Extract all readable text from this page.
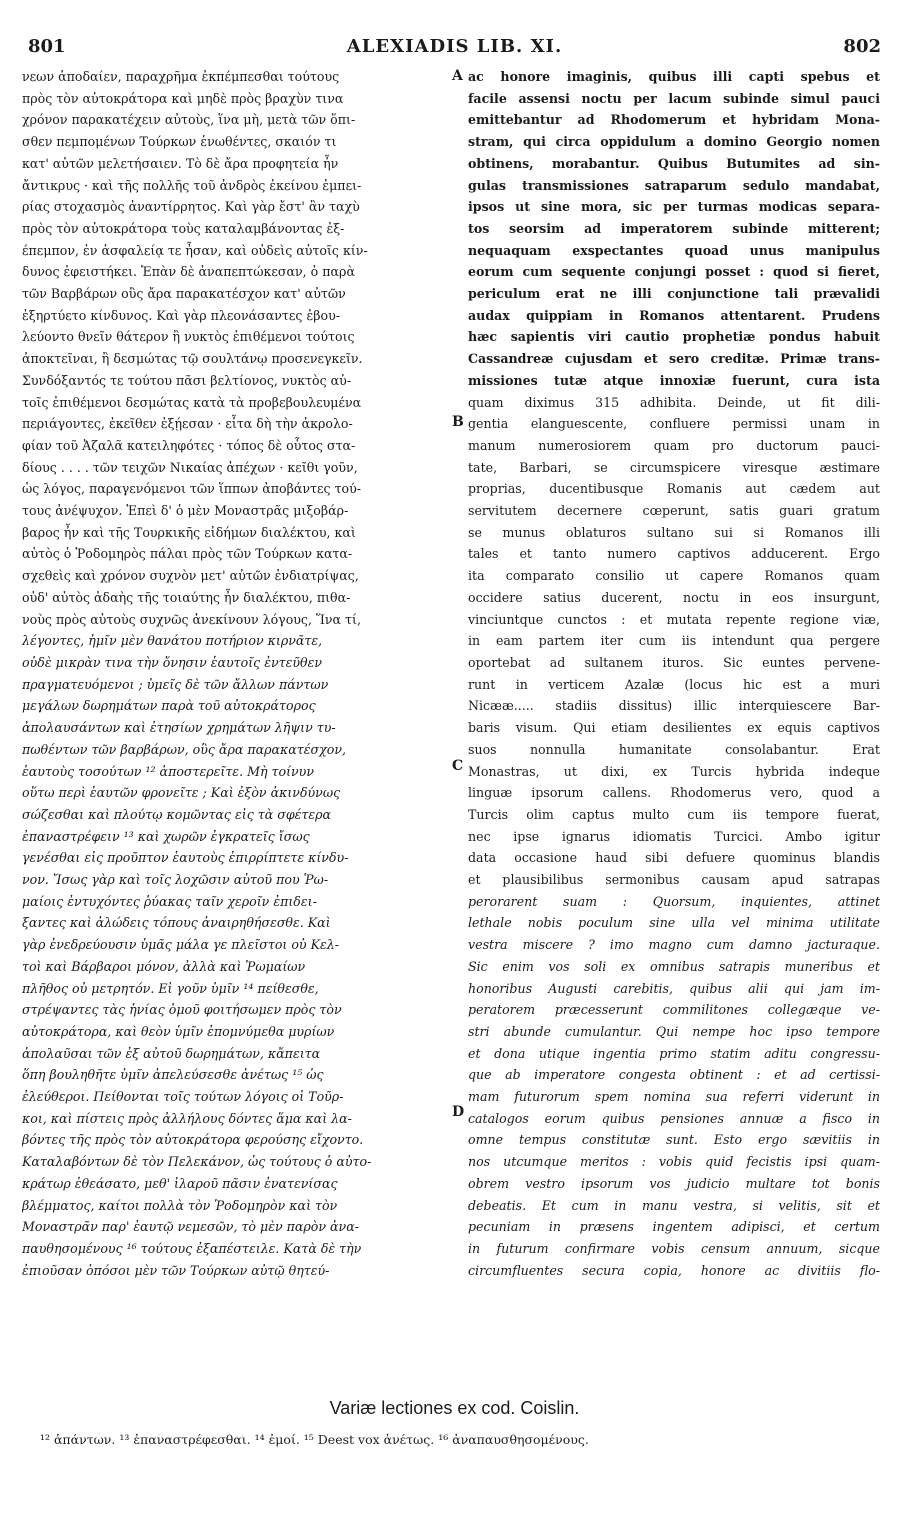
801	ALEXIADIS LIB. XI.	802
νεων ἀποδαίεν, παραχρῆμα ἐκπέμπεσθαι τούτους
πρὸς τὸν αὐτοκράτορα καὶ μηδὲ πρὸς βραχὺν τινα
χρόνον παρακατέχειν αὐτοὺς, ἵνα μὴ, μετὰ τῶν ὅπι-
σθεν πεμπομένων Τούρκων ἑνωθέντες, σκαιόν τι
κατ' αὐτῶν μελετήσαιεν. Τὸ δὲ ἄρα προφητεία ἦν
ἄντικρυς · καὶ τῆς πολλῆς τοῦ ἀνδρὸς ἐκείνου ἐμπει-
ρίας στοχασμὸς ἀναντίρρητος. Καὶ γὰρ ἔστ' ἂν ταχὺ
πρὸς τὸν αὐτοκράτορα τοὺς καταλαμβάνοντας ἐξ-
έπεμπον, ἐν ἀσφαλείᾳ τε ἦσαν, καὶ οὐδεὶς αὐτοῖς κίν-
δυνος ἐφειστήκει. Ἐπὰν δὲ ἀναπεπτώκεσαν, ὁ παρὰ
τῶν Βαρβάρων οὓς ἄρα παρακατέσχον κατ' αὐτῶν
ἐξηρτύετο κίνδυνος. Καὶ γὰρ πλεονάσαντες ἐβου-
λεύοντο θνεῖν θάτερον ἢ νυκτὸς ἐπιθέμενοι τούτοις
ἀποκτεῖναι, ἢ δεσμώτας τῷ σουλτάνῳ προσενεγκεῖν.
Συνδόξαντός τε τούτου πᾶσι βελτίονος, νυκτὸς αὐ-
τοῖς ἐπιθέμενοι δεσμώτας κατὰ τὰ προβεβουλευμένα
περιάγοντες, ἐκεῖθεν ἐξῄεσαν · εἶτα δὴ τὴν ἀκρολο-
φίαν τοῦ Ἀζαλᾶ κατειληφότες · τόπος δὲ οὗτος στα-
δίους . . . . τῶν τειχῶν Νικαίας ἀπέχων · κεῖθι γοῦν,
ὡς λόγος, παραγενόμενοι τῶν ἵππων ἀποβάντες τού-
τους ἀνέψυχον. Ἐπεὶ δ' ὁ μὲν Μοναστρᾶς μιξοβάρ-
βαρος ἦν καὶ τῆς Τουρκικῆς εἰδήμων διαλέκτου, καὶ
αὐτὸς ὁ Ῥοδομηρὸς πάλαι πρὸς τῶν Τούρκων κατα-
σχεθεὶς καὶ χρόνον συχνὸν μετ' αὐτῶν ἐνδιατρίψας,
οὐδ' αὐτὸς ἀδαὴς τῆς τοιαύτης ἦν διαλέκτου, πιθα-
νοὺς πρὸς αὐτοὺς συχνῶς ἀνεκίνουν λόγους, Ἵνα τί,
λέγοντες, ἡμῖν μὲν θανάτου ποτήριον κιρνᾶτε,
οὐδὲ μικρὰν τινα τὴν ὄνησιν ἑαυτοῖς ἐντεῦθεν
πραγματευόμενοι ; ὑμεῖς δὲ τῶν ἄλλων πάντων
μεγάλων δωρημάτων παρὰ τοῦ αὐτοκράτορος
ἀπολαυσάντων καὶ ἐτησίων χρημάτων λῆψιν τυ-
πωθέντων τῶν βαρβάρων, οὓς ἄρα παρακατέσχον,
ἑαυτοὺς τοσούτων ¹² ἀποστερεῖτε. Μὴ τοίνυν
οὕτω περὶ ἑαυτῶν φρονεῖτε ; Καὶ ἐξὸν ἀκινδύνως
σώζεσθαι καὶ πλούτῳ κομῶντας εἰς τὰ σφέτερα
ἐπαναστρέφειν ¹³ καὶ χωρῶν ἐγκρατεῖς ἴσως
γενέσθαι εἰς προῦπτον ἑαυτοὺς ἐπιρρίπτετε κίνδυ-
νον. Ἴσως γὰρ καὶ τοῖς λοχῶσιν αὐτοῦ που Ῥω-
μαίοις ἐντυχόντες ῥύακας ταῖν χεροῖν ἐπιδει-
ξαντες καὶ ἀλώδεις τόπους ἀναιρηθήσεσθε. Καὶ
γὰρ ἐνεδρεύουσιν ὑμᾶς μάλα γε πλεῖστοι οὐ Κελ-
τοὶ καὶ Βάρβαροι μόνον, ἀλλὰ καὶ Ῥωμαίων
πλῆθος οὐ μετρητόν. Εἰ γοῦν ὑμῖν ¹⁴ πείθεσθε,
στρέψαντες τὰς ἡνίας ὁμοῦ φοιτήσωμεν πρὸς τὸν
αὐτοκράτορα, καὶ θεὸν ὑμῖν ἐπομνύμεθα μυρίων
ἀπολαῦσαι τῶν ἐξ αὐτοῦ δωρημάτων, κἄπειτα
ὅπη βουληθῆτε ὑμῖν ἀπελεύσεσθε ἀνέτως ¹⁵ ὡς
ἐλεύθεροι. Πείθονται τοῖς τούτων λόγοις οἱ Τοῦρ-
κοι, καὶ πίστεις πρὸς ἀλλήλους δόντες ἅμα καὶ λα-
βόντες τῆς πρὸς τὸν αὐτοκράτορα φερούσης εἴχοντο.
Καταλαβόντων δὲ τὸν Πελεκάνον, ὡς τούτους ὁ αὐτο-
κράτωρ ἐθεάσατο, μεθ' ἱλαροῦ πᾶσιν ἐνατενίσας
βλέμματος, καίτοι πολλὰ τὸν Ῥοδομηρὸν καὶ τὸν
Μοναστρᾶν παρ' ἑαυτῷ νεμεσῶν, τὸ μὲν παρὸν ἀνα-
παυθησομένους ¹⁶ τούτους ἐξαπέστειλε. Κατὰ δὲ τὴν
ἐπιοῦσαν ὁπόσοι μὲν τῶν Τούρκων αὐτῷ θητεύ-
ac honore imaginis, quibus illi capti spebus et
facile assensi noctu per lacum subinde simul pauci
emittebantur ad Rhodomerum et hybridam Mona-
stram, qui circa oppidulum a domino Georgio nomen
obtinens, morabantur. Quibus Butumites ad sin-
gulas transmissiones satraparum sedulo mandabat,
ipsos ut sine mora, sic per turmas modicas separa-
tos seorsim ad imperatorem subinde mitterent;
nequaquam exspectantes quoad unus manipulus
eorum cum sequente conjungi posset : quod si fieret,
periculum erat ne illi conjunctione tali prævalidi
audax quippiam in Romanos attentarent. Prudens
hæc sapientis viri cautio prophetiæ pondus habuit
Cassandreæ cujusdam et sero creditæ. Primæ trans-
missiones tutæ atque innoxiæ fuerunt, cura ista
quam diximus 315 adhibita. Deinde, ut fit dili-
gentia elanguescente, confluere permissi unam in
manum numerosiorem quam pro ductorum pauci-
tate, Barbari, se circumspicere viresque æstimare
proprias, ducentibusque Romanis aut cædem aut
servitutem decernere cœperunt, satis guari gratum
se munus oblaturos sultano sui si Romanos illi
tales et tanto numero captivos adducerent. Ergo
ita comparato consilio ut capere Romanos quam
occidere satius ducerent, noctu in eos insurgunt,
vinciuntque cunctos : et mutata repente regione viæ,
in eam partem iter cum iis intendunt qua pergere
oportebat ad sultanem ituros. Sic euntes pervene-
runt in verticem Azalæ (locus hic est a muri
Nicææ..... stadiis dissitus) illic interquiescere Bar-
baris visum. Qui etiam desilientes ex equis captivos
suos nonnulla humanitate consolabantur. Erat
Monastras, ut dixi, ex Turcis hybrida indeque
linguæ ipsorum callens. Rhodomerus vero, quod a
Turcis olim captus multo cum iis tempore fuerat,
nec ipse ignarus idiomatis Turcici. Ambo igitur
data occasione haud sibi defuere quominus blandis
et plausibilibus sermonibus causam apud satrapas
perorarent suam : Quorsum, inquientes, attinet
lethale nobis poculum sine ulla vel minima utilitate
vestra miscere ? imo magno cum damno jacturaque.
Sic enim vos soli ex omnibus satrapis muneribus et
honoribus Augusti carebitis, quibus alii qui jam im-
peratorem præcesserunt commilitones collegæque ve-
stri abunde cumulantur. Qui nempe hoc ipso tempore
et dona utique ingentia primo statim aditu congressu-
que ab imperatore congesta obtinent : et ad certissi-
mam futurorum spem nomina sua referri viderunt in
catalogos eorum quibus pensiones annuæ a fisco in
omne tempus constitutæ sunt. Esto ergo sævitiis in
nos utcumque meritos : vobis quid fecistis ipsi quam-
obrem vestro ipsorum vos judicio multare tot bonis
debeatis. Et cum in manu vestra, si velitis, sit et
pecuniam in præsens ingentem adipisci, et certum
in futurum confirmare vobis censum annuum, sicque
circumfluentes secura copia, honore ac divitiis flo-
A
B
C
D
Variæ lectiones ex cod. Coislin.
¹² ἁπάντων. ¹³ ἐπαναστρέφεσθαι. ¹⁴ ἐμοί. ¹⁵ Deest vox ἀνέτως. ¹⁶ ἀναπαυσθησομένους.
